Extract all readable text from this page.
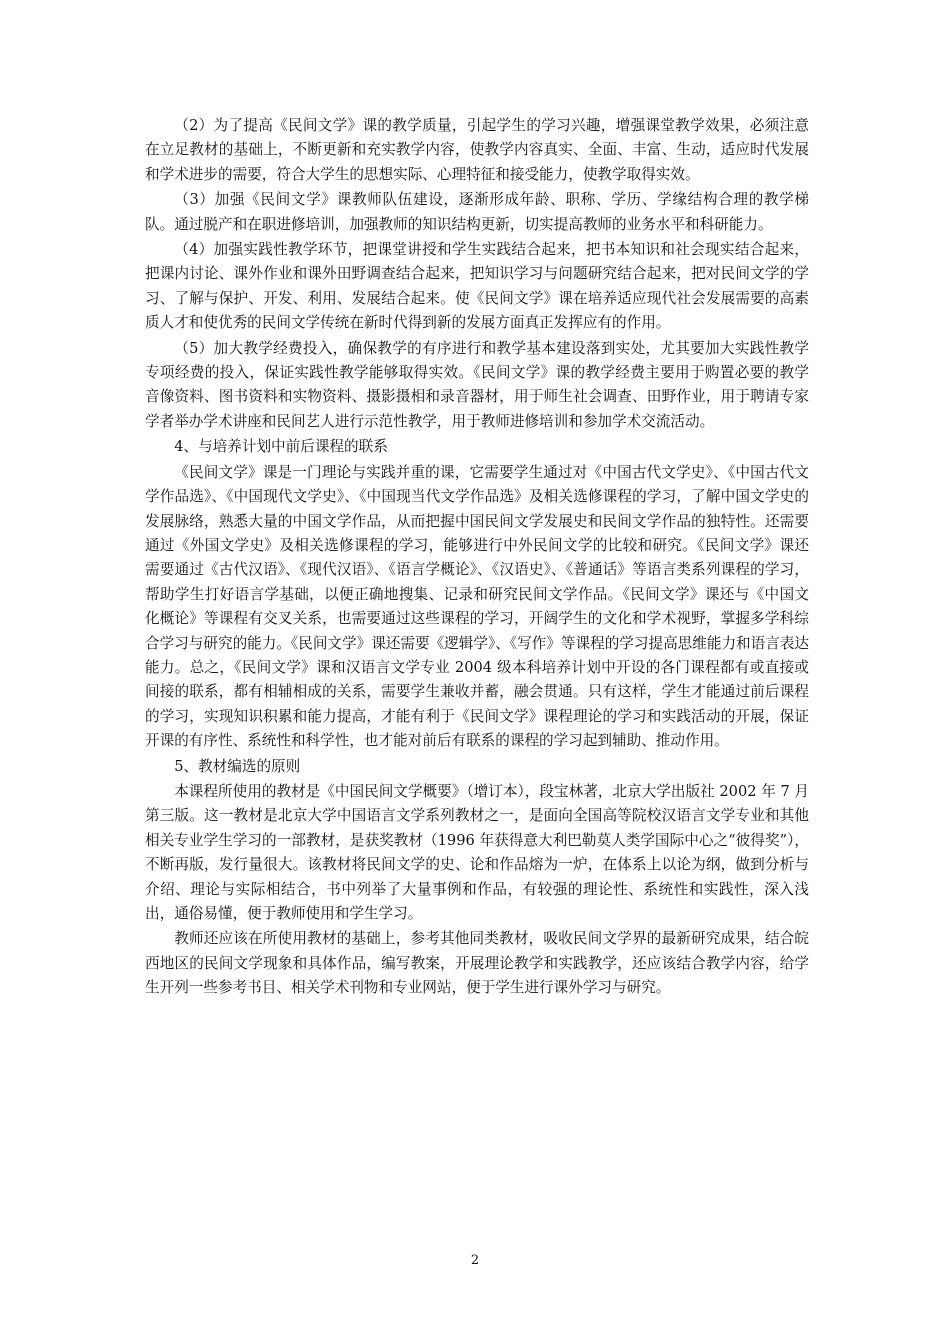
（2）为了提高《民间文学》课的教学质量，引起学生的学习兴趣，增强课堂教学效果，必须注意在立足教材的基础上，不断更新和充实教学内容，使教学内容真实、全面、丰富、生动，适应时代发展和学术进步的需要，符合大学生的思想实际、心理特征和接受能力，使教学取得实效。

（3）加强《民间文学》课教师队伍建设，逐渐形成年龄、职称、学历、学缘结构合理的教学梯队。通过脱产和在职进修培训，加强教师的知识结构更新，切实提高教师的业务水平和科研能力。

（4）加强实践性教学环节，把课堂讲授和学生实践结合起来，把书本知识和社会现实结合起来，把课内讨论、课外作业和课外田野调查结合起来，把知识学习与问题研究结合起来，把对民间文学的学习、了解与保护、开发、利用、发展结合起来。使《民间文学》课在培养适应现代社会发展需要的高素质人才和使优秀的民间文学传统在新时代得到新的发展方面真正发挥应有的作用。

（5）加大教学经费投入，确保教学的有序进行和教学基本建设落到实处，尤其要加大实践性教学专项经费的投入，保证实践性教学能够取得实效。《民间文学》课的教学经费主要用于购置必要的教学音像资料、图书资料和实物资料、摄影摄相和录音器材，用于师生社会调查、田野作业，用于聘请专家学者举办学术讲座和民间艺人进行示范性教学，用于教师进修培训和参加学术交流活动。

4、与培养计划中前后课程的联系

《民间文学》课是一门理论与实践并重的课，它需要学生通过对《中国古代文学史》、《中国古代文学作品选》、《中国现代文学史》、《中国现当代文学作品选》及相关选修课程的学习，了解中国文学史的发展脉络，熟悉大量的中国文学作品，从而把握中国民间文学发展史和民间文学作品的独特性。还需要通过《外国文学史》及相关选修课程的学习，能够进行中外民间文学的比较和研究。《民间文学》课还需要通过《古代汉语》、《现代汉语》、《语言学概论》、《汉语史》、《普通话》等语言类系列课程的学习，帮助学生打好语言学基础，以便正确地搜集、记录和研究民间文学作品。《民间文学》课还与《中国文化概论》等课程有交叉关系，也需要通过这些课程的学习，开阔学生的文化和学术视野，掌握多学科综合学习与研究的能力。《民间文学》课还需要《逻辑学》、《写作》等课程的学习提高思维能力和语言表达能力。总之，《民间文学》课和汉语言文学专业 2004 级本科培养计划中开设的各门课程都有或直接或间接的联系，都有相辅相成的关系，需要学生兼收并蓄，融会贯通。只有这样，学生才能通过前后课程的学习，实现知识积累和能力提高，才能有利于《民间文学》课程理论的学习和实践活动的开展，保证开课的有序性、系统性和科学性，也才能对前后有联系的课程的学习起到辅助、推动作用。

5、教材编选的原则

本课程所使用的教材是《中国民间文学概要》（增订本），段宝林著，北京大学出版社 2002 年 7 月第三版。这一教材是北京大学中国语言文学系列教材之一，是面向全国高等院校汉语言文学专业和其他相关专业学生学习的一部教材，是获奖教材（1996 年获得意大利巴勒莫人类学国际中心之“彼得奖”），不断再版，发行量很大。该教材将民间文学的史、论和作品熔为一炉，在体系上以论为纲，做到分析与介绍、理论与实际相结合，书中列举了大量事例和作品，有较强的理论性、系统性和实践性，深入浅出，通俗易懂，便于教师使用和学生学习。

教师还应该在所使用教材的基础上，参考其他同类教材，吸收民间文学界的最新研究成果，结合皖西地区的民间文学现象和具体作品，编写教案，开展理论教学和实践教学，还应该结合教学内容，给学生开列一些参考书目、相关学术刊物和专业网站，便于学生进行课外学习与研究。

2
